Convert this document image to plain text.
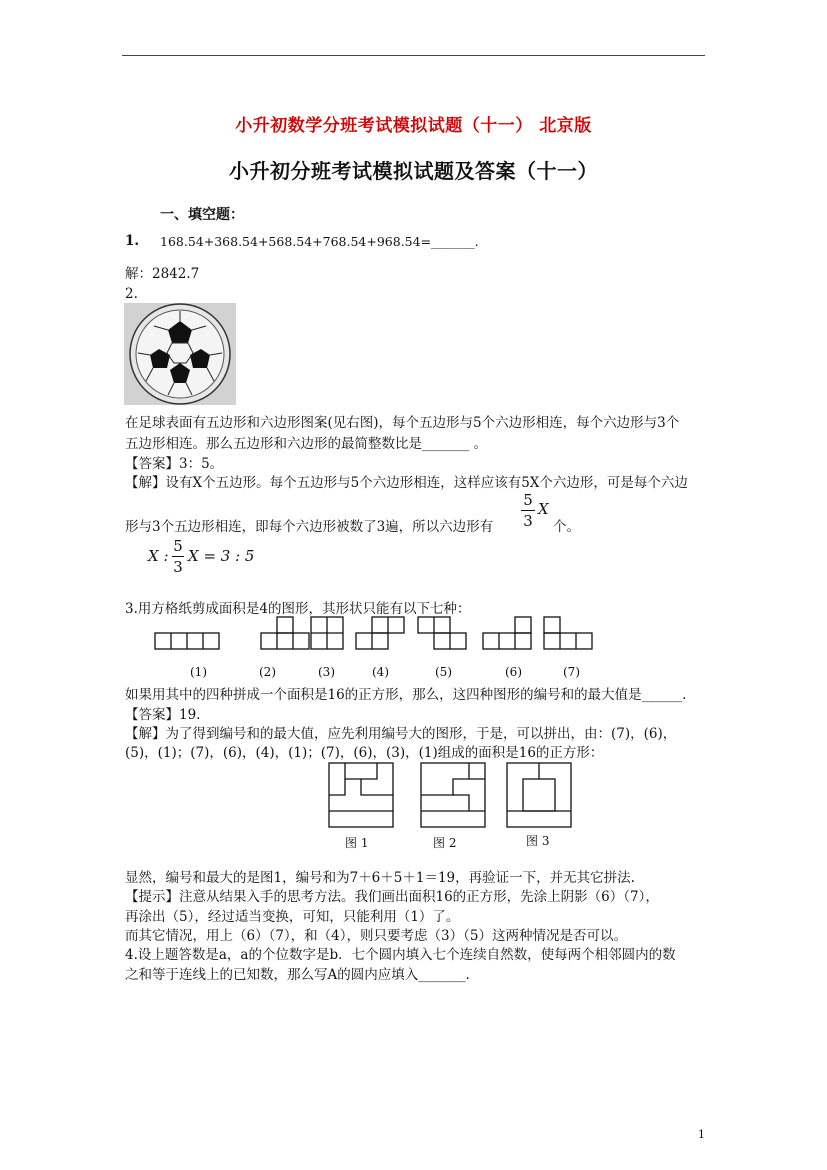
小升初数学分班考试模拟试题（十一） 北京版
小升初分班考试模拟试题及答案（十一）
一、填空题：
1. 168.54+368.54+568.54+768.54+968.54=_______.
解：2842.7
2.
在足球表面有五边形和六边形图案(见右图)，每个五边形与5个六边形相连，每个六边形与3个
五边形相连。那么五边形和六边形的最简整数比是_______ 。
【答案】3：5。
【解】设有X个五边形。每个五边形与5个六边形相连，这样应该有5X个六边形，可是每个六边
5
3
X
形与3个五边形相连，即每个六边形被数了3遍，所以六边形有	个。
X :
5
3
X = 3 : 5
3.用方格纸剪成面积是4的图形，其形状只能有以下七种：
(1)	(2)	(3)	(4)	(5)	(6)	(7)
如果用其中的四种拼成一个面积是16的正方形，那么，这四种图形的编号和的最大值是______.
【答案】19.
【解】为了得到编号和的最大值，应先利用编号大的图形，于是，可以拼出，由：(7)，(6)，
(5)，(1)；(7)，(6)，(4)，(1)；(7)，(6)，(3)，(1)组成的面积是16的正方形：
图 1	图 2	图 3
显然，编号和最大的是图1，编号和为7＋6＋5＋1＝19，再验证一下，并无其它拼法.
【提示】注意从结果入手的思考方法。我们画出面积16的正方形，先涂上阴影（6）（7），
再涂出（5），经过适当变换，可知，只能利用（1）了。
而其它情况，用上（6）（7），和（4），则只要考虑（3）（5）这两种情况是否可以。
4.设上题答数是a，a的个位数字是b．七个圆内填入七个连续自然数，使每两个相邻圆内的数
之和等于连线上的已知数，那么写A的圆内应填入_______.
1
